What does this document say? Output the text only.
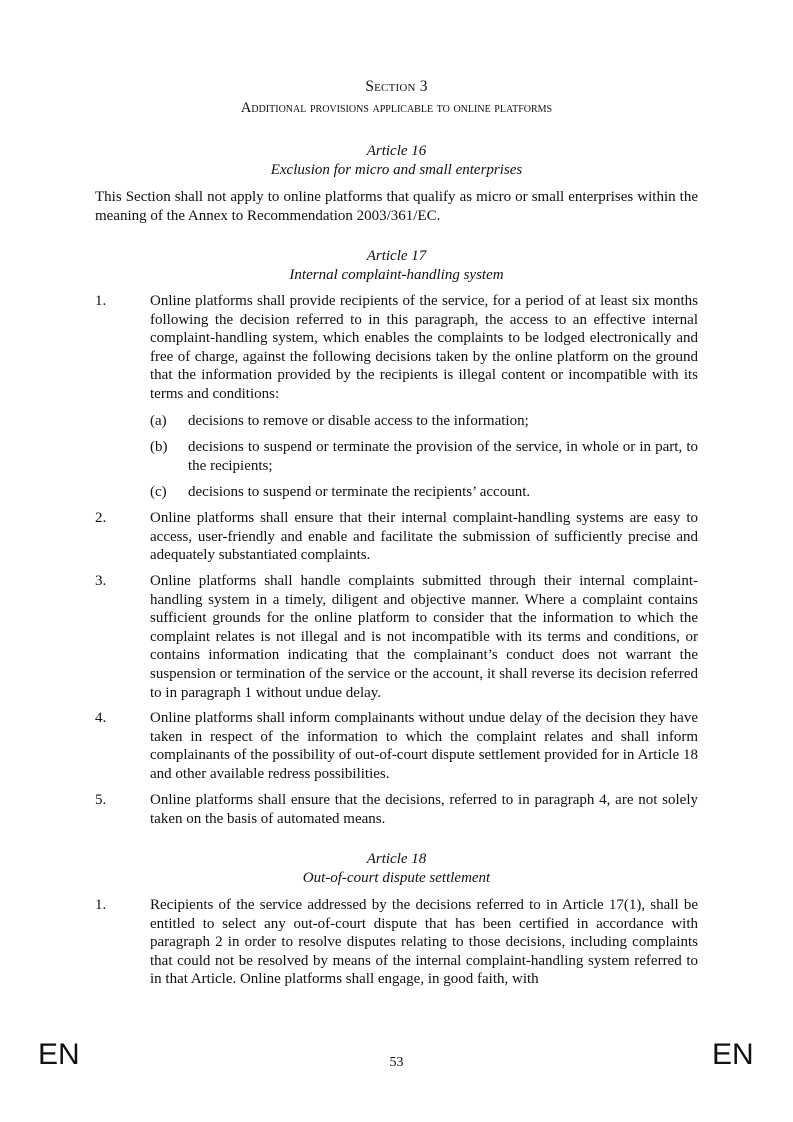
Section 3
Additional provisions applicable to online platforms
Article 16
Exclusion for micro and small enterprises

This Section shall not apply to online platforms that qualify as micro or small enterprises within the meaning of the Annex to Recommendation 2003/361/EC.

Article 17
Internal complaint-handling system
1.	Online platforms shall provide recipients of the service, for a period of at least six months following the decision referred to in this paragraph, the access to an effective internal complaint-handling system, which enables the complaints to be lodged electronically and free of charge, against the following decisions taken by the online platform on the ground that the information provided by the recipients is illegal content or incompatible with its terms and conditions:

(a) decisions to remove or disable access to the information;

(b) decisions to suspend or terminate the provision of the service, in whole or in part, to the recipients;

(c) decisions to suspend or terminate the recipients’ account.

2.	Online platforms shall ensure that their internal complaint-handling systems are easy to access, user-friendly and enable and facilitate the submission of sufficiently precise and adequately substantiated complaints.

3.	Online platforms shall handle complaints submitted through their internal complaint-handling system in a timely, diligent and objective manner. Where a complaint contains sufficient grounds for the online platform to consider that the information to which the complaint relates is not illegal and is not incompatible with its terms and conditions, or contains information indicating that the complainant’s conduct does not warrant the suspension or termination of the service or the account, it shall reverse its decision referred to in paragraph 1 without undue delay.

4.	Online platforms shall inform complainants without undue delay of the decision they have taken in respect of the information to which the complaint relates and shall inform complainants of the possibility of out-of-court dispute settlement provided for in Article 18 and other available redress possibilities.

5.	Online platforms shall ensure that the decisions, referred to in paragraph 4, are not solely taken on the basis of automated means.

Article 18
Out-of-court dispute settlement
1.	Recipients of the service addressed by the decisions referred to in Article 17(1), shall be entitled to select any out-of-court dispute that has been certified in accordance with paragraph 2 in order to resolve disputes relating to those decisions, including complaints that could not be resolved by means of the internal complaint-handling system referred to in that Article. Online platforms shall engage, in good faith, with

EN	53	EN
